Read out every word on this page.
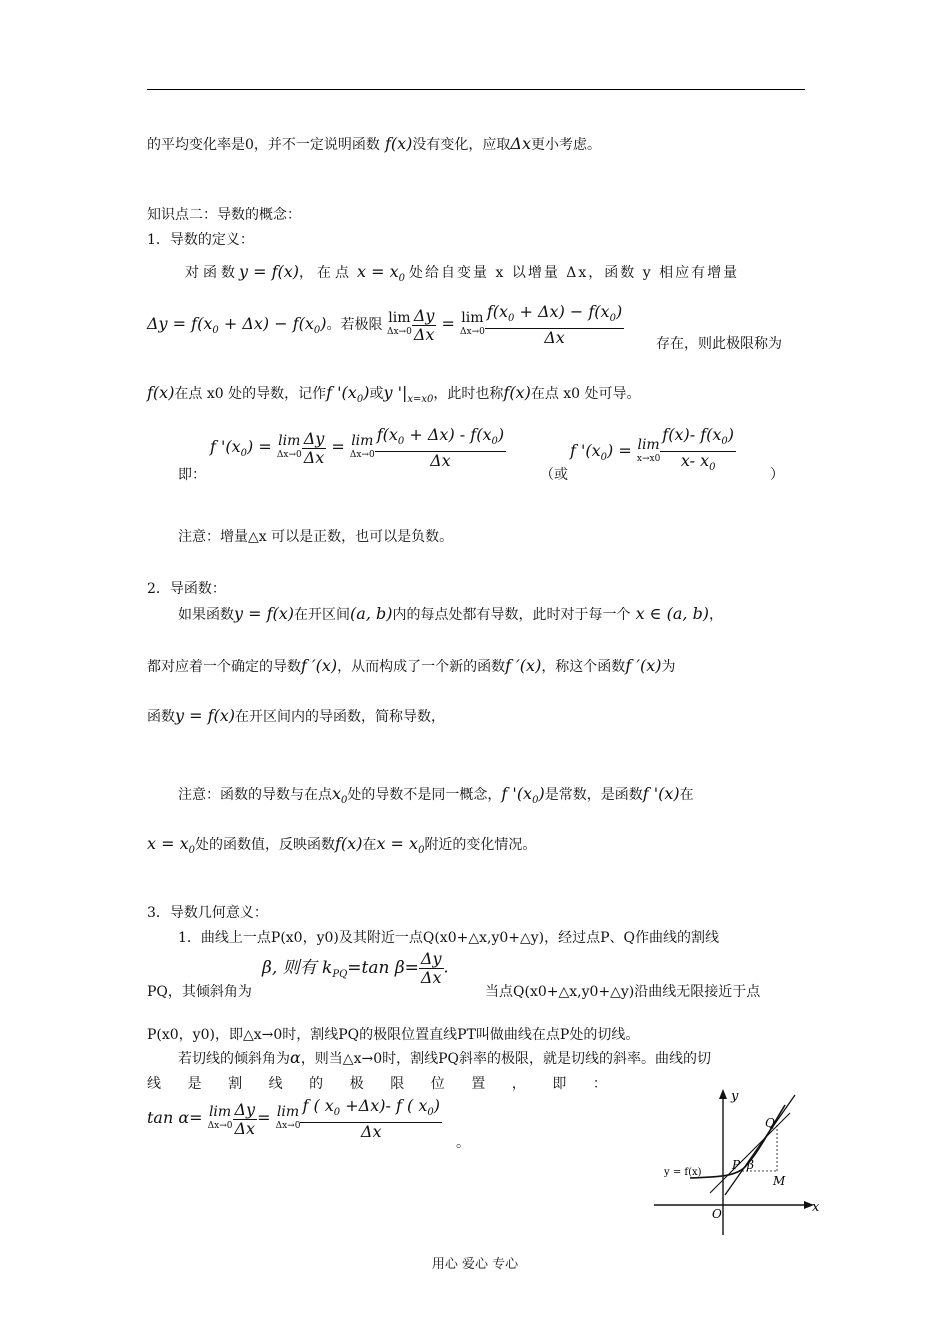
的平均变化率是0，并不一定说明函数 f(x)没有变化，应取Δx更小考虑。
知识点二：导数的概念：
1．导数的定义：
对函数y = f(x)，在点 $x = x_0$ 处给自变量 x 以增量 Δx，函数 y 相应有增量
$\Delta y = f(x_0 + \Delta x) - f(x_0)$。若极限 lim
$\Delta x\to 0 \frac{\Delta y}{\Delta x} = \lim$
$\Delta x\to 0 \frac{f(x_0 + \Delta x) - f(x_0)}{\Delta x}$ 存在，则此极限称为
f(x)在点 x0 处的导数，记作f '$(x_0)$或y '$|_{x=x0}$，此时也称f(x)在点 x0 处可导。
即：
f '$(x_0) = \lim$
$\Delta x\to 0 \frac{\Delta y}{\Delta x} = \lim$
$\Delta x\to 0 \frac{f(x_0 + \Delta x) - f(x_0)}{\Delta x}$
（或
f '$(x_0) = \lim$
$x\to x0 \frac{f(x)- f(x_0)}{x- x_0}$ ）
注意：增量△x 可以是正数，也可以是负数。
2．导函数：
如果函数y = f(x)在开区间(a, b)内的每点处都有导数，此时对于每一个 x ∈ (a, b)，
都对应着一个确定的导数f ′(x)，从而构成了一个新的函数f ′(x)，称这个函数f ′(x)为
函数y = f(x)在开区间内的导函数，简称导数，
注意：函数的导数与在点$x_0$处的导数不是同一概念，f '$(x_0)$是常数，是函数f '(x)在
$x = x_0$处的函数值，反映函数f(x)在$x = x_0$附近的变化情况。
3．导数几何意义：
1．曲线上一点P(x0，y0)及其附近一点Q(x0+△x,y0+△y)，经过点P、Q作曲线的割线
PQ，其倾斜角为
β, 则有 $k_{PQ}=\tan$ $\beta= \frac{\Delta y}{\Delta x}$ .
当点Q(x0+△x,y0+△y)沿曲线无限接近于点
P(x0，y0)，即△x→0时，割线PQ的极限位置直线PT叫做曲线在点P处的切线。
若切线的倾斜角为α，则当△x→0时，割线PQ斜率的极限，就是切线的斜率。曲线的切
线 是 割 线 的 极 限 位 置 ， 即 ：
tan α= lim
$\Delta x\to 0 \frac{\Delta y}{\Delta x} = \lim$
$\Delta x\to 0 \frac{f ( x_0 +\Delta x)- f ( x_0)}{\Delta x}$
。
y
x
O
P β
Q
M
y = f(x)
用心 爱心 专心
